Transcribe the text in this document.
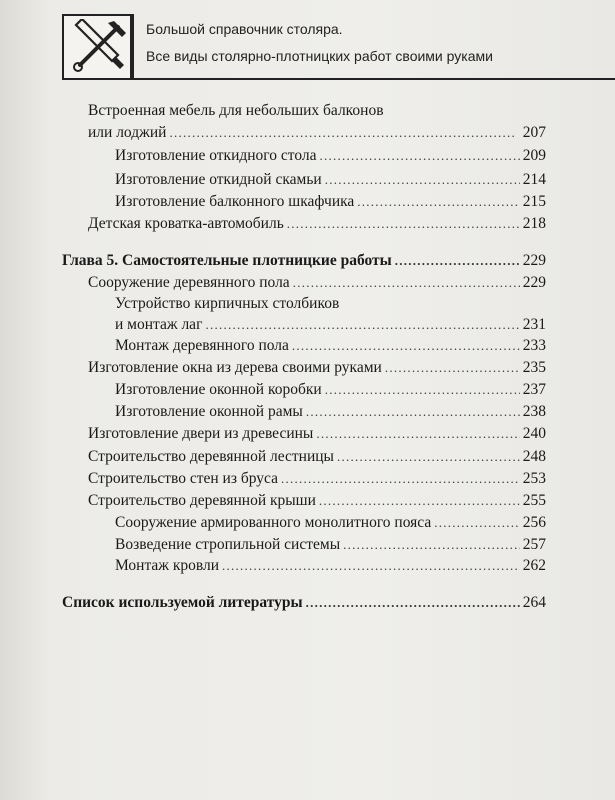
Большой справочник столяра.
Все виды столярно-плотницких работ своими руками
Встроенная мебель для небольших балконов
или лоджий . . .	207
Изготовление откидного стола . . .	209
Изготовление откидной скамьи . . .	214
Изготовление балконного шкафчика . . .	215
Детская кроватка-автомобиль . . .	218
Глава 5. Самостоятельные плотницкие работы . . .	229
Сооружение деревянного пола . . .	229
Устройство кирпичных столбиков
и монтаж лаг . . .	231
Монтаж деревянного пола . . .	233
Изготовление окна из дерева своими руками . . .	235
Изготовление оконной коробки . . .	237
Изготовление оконной рамы . . .	238
Изготовление двери из древесины . . .	240
Строительство деревянной лестницы . . .	248
Строительство стен из бруса . . .	253
Строительство деревянной крыши . . .	255
Сооружение армированного монолитного пояса . . .	256
Возведение стропильной системы . . .	257
Монтаж кровли . . .	262
Список используемой литературы . . .	264
